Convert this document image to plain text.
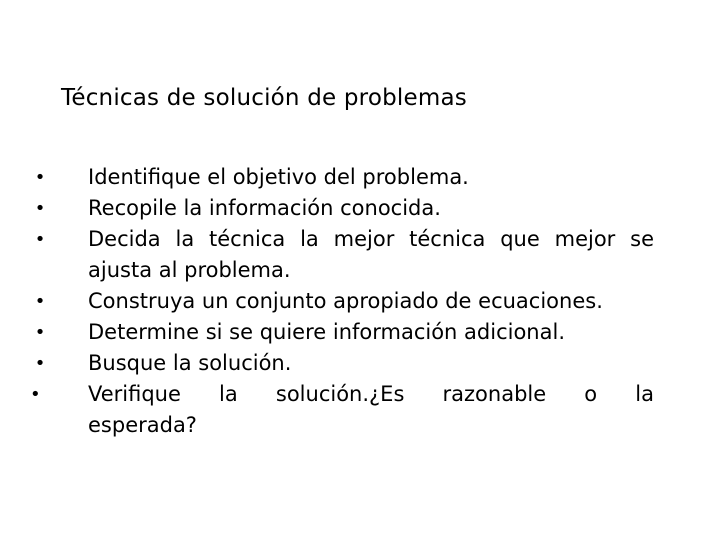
Técnicas de solución de problemas
• Identifique el objetivo del problema.
• Recopile la información conocida.
• Decida la técnica la mejor técnica que mejor se ajusta al problema.
• Construya un conjunto apropiado de ecuaciones.
• Determine si se quiere información adicional.
• Busque la solución.
•	Verifique la solución.¿Es razonable o la
esperada?
